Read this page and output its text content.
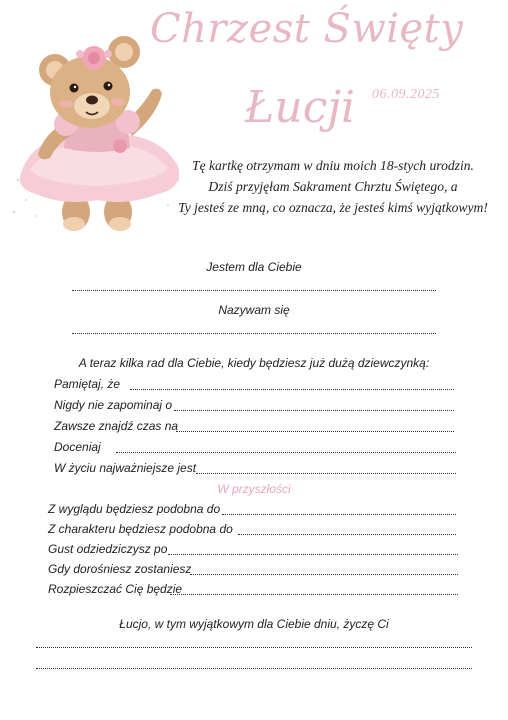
Chrzest Święty
Łucji	06.09.2025
Tę kartkę otrzymam w dniu moich 18-stych urodzin.
Dziś przyjęłam Sakrament Chrztu Świętego, a
Ty jesteś ze mną, co oznacza, że jesteś kimś wyjątkowym!
Jestem dla Ciebie
Nazywam się
A teraz kilka rad dla Ciebie, kiedy będziesz już dużą dziewczynką:
Pamiętaj, że
Nigdy nie zapominaj o
Zawsze znajdź czas na
Doceniaj
W życiu najważniejsze jest
W przyszłości
Z wyglądu będziesz podobna do
Z charakteru będziesz podobna do
Gust odziedziczysz po
Gdy dorośniesz zostaniesz
Rozpieszczać Cię będzie
Łucjo, w tym wyjątkowym dla Ciebie dniu, życzę Ci
